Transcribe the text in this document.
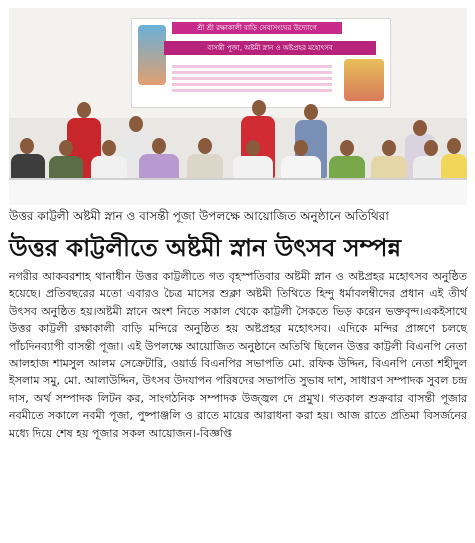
শ্রী শ্রী রক্ষাকালী বাড়ি সেবাসংঘের উদ্যোগে
বাসন্তী পূজা, অষ্টমী স্নান ও অষ্টপ্রহর মহোৎসব
উত্তর কাট্টলী অষ্টমী স্নান ও বাসন্তী পূজা উপলক্ষে আয়োজিত অনুষ্ঠানে অতিথিরা
উত্তর কাট্টলীতে অষ্টমী স্নান উৎসব সম্পন্ন
নগরীর আকবরশাহ থানাধীন উত্তর কাট্টলীতে গত বৃহস্পতিবার অষ্টমী স্নান ও অষ্টপ্রহর মহোৎসব অনুষ্ঠিত হয়েছে। প্রতিবছরের মতো এবারও চৈত্র মাসের শুক্লা অষ্টমী তিথিতে হিন্দু ধর্মাবলম্বীদের প্রধান এই তীর্থ উৎসব অনুষ্ঠিত হয়।অষ্টমী স্নানে অংশ নিতে সকাল থেকে কাট্টলী সৈকতে ভিড় করেন ভক্তবৃন্দ।একইসাথে উত্তর কাট্টলী রক্ষাকালী বাড়ি মন্দিরে অনুষ্ঠিত হয় অষ্টপ্রহর মহোৎসব। এদিকে মন্দির প্রাঙ্গণে চলছে পাঁচদিনব্যাপী বাসন্তী পূজা। এই উপলক্ষে আয়োজিত অনুষ্ঠানে অতিথি ছিলেন উত্তর কাট্টলী বিএনপি নেতা আলহাজ শামসুল আলম সেক্রেটারি, ওয়ার্ড বিএনপির সভাপতি মো. রফিক উদ্দিন, বিএনপি নেতা শহীদুল ইসলাম সমু, মো. আলাউদ্দিন, উৎসব উদযাপন পরিষদের সভাপতি সুভাষ দাশ, সাধারণ সম্পাদক সুবল চন্দ্র দাস, অর্থ সম্পাদক লিটন কর, সাংগঠনিক সম্পাদক উজ্জ্বল দে প্রমুখ। গতকাল শুক্রবার বাসন্তী পূজার নবমীতে সকালে নবমী পূজা, পুষ্পাঞ্জলি ও রাতে মায়ের আরাধনা করা হয়। আজ রাতে প্রতিমা বিসর্জনের মধ্যে দিয়ে শেষ হয় পূজার সকল আয়োজন।-বিজ্ঞপ্তি
